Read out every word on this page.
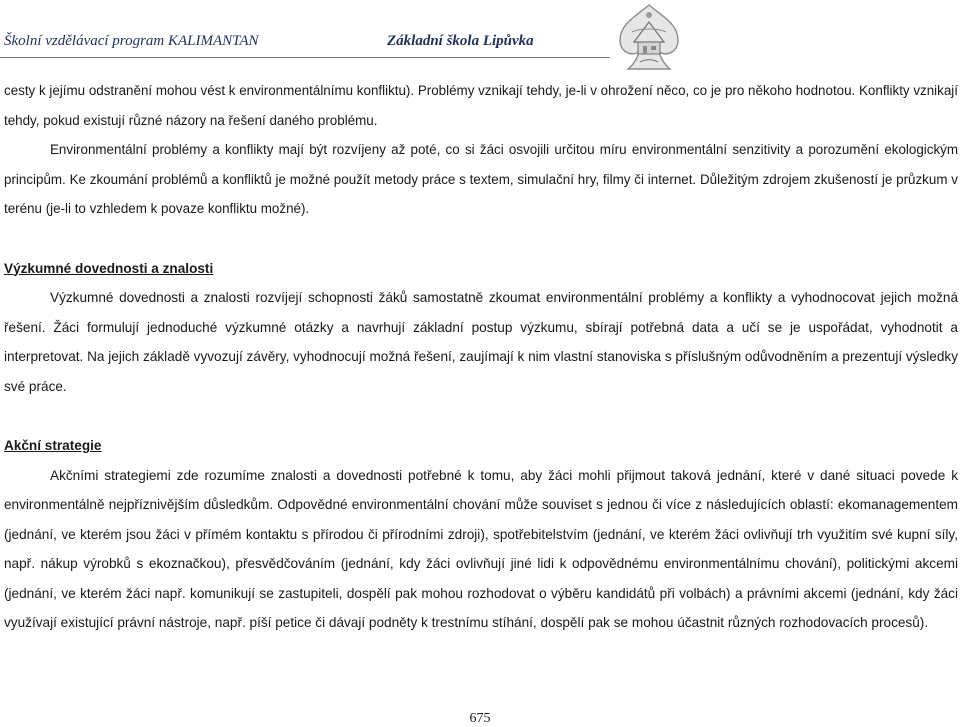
Školní vzdělávací program KALIMANTAN	Základní škola Lipůvka

cesty k jejímu odstranění mohou vést k environmentálnímu konfliktu). Problémy vznikají tehdy, je-li v ohrožení něco, co je pro někoho hodnotou. Konflikty vznikají tehdy, pokud existují různé názory na řešení daného problému.

Environmentální problémy a konflikty mají být rozvíjeny až poté, co si žáci osvojili určitou míru environmentální senzitivity a porozumění ekologickým principům. Ke zkoumání problémů a konfliktů je možné použít metody práce s textem, simulační hry, filmy či internet. Důležitým zdrojem zkušeností je průzkum v terénu (je-li to vzhledem k povaze konfliktu možné).

Výzkumné dovednosti a znalosti

Výzkumné dovednosti a znalosti rozvíjejí schopnosti žáků samostatně zkoumat environmentální problémy a konflikty a vyhodnocovat jejich možná řešení. Žáci formulují jednoduché výzkumné otázky a navrhují základní postup výzkumu, sbírají potřebná data a učí se je uspořádat, vyhodnotit a interpretovat. Na jejich základě vyvozují závěry, vyhodnocují možná řešení, zaujímají k nim vlastní stanoviska s příslušným odůvodněním a prezentují výsledky své práce.

Akční strategie

Akčními strategiemi zde rozumíme znalosti a dovednosti potřebné k tomu, aby žáci mohli přijmout taková jednání, které v dané situaci povede k environmentálně nejpříznivějším důsledkům. Odpovědné environmentální chování může souviset s jednou či více z následujících oblastí: ekomanagementem (jednání, ve kterém jsou žáci v přímém kontaktu s přírodou či přírodními zdroji), spotřebitelstvím (jednání, ve kterém žáci ovlivňují trh využitím své kupní síly, např. nákup výrobků s ekoznačkou), přesvědčováním (jednání, kdy žáci ovlivňují jiné lidi k odpovědnému environmentálnímu chování), politickými akcemi (jednání, ve kterém žáci např. komunikují se zastupiteli, dospělí pak mohou rozhodovat o výběru kandidátů při volbách) a právními akcemi (jednání, kdy žáci využívají existující právní nástroje, např. píší petice či dávají podněty k trestnímu stíhání, dospělí pak se mohou účastnit různých rozhodovacích procesů).

675
